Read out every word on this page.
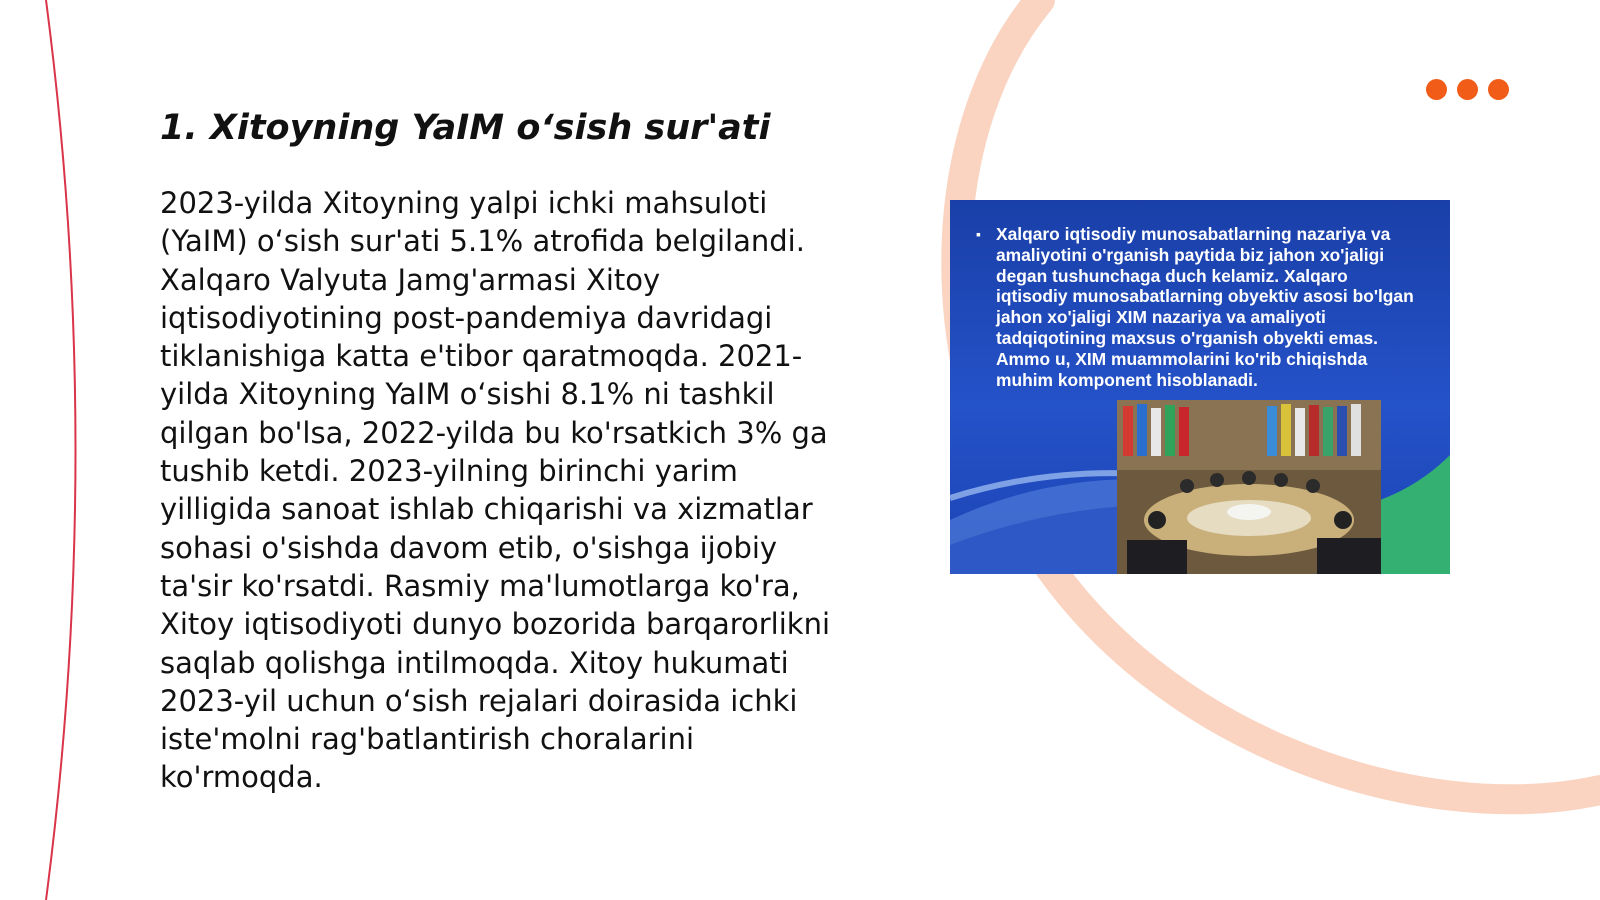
1. Xitoyning YaIM o‘sish sur'ati

2023-yilda Xitoyning yalpi ichki mahsuloti (YaIM) o‘sish sur'ati 5.1% atrofida belgilandi. Xalqaro Valyuta Jamg'armasi Xitoy iqtisodiyotining post-pandemiya davridagi tiklanishiga katta e'tibor qaratmoqda. 2021-yilda Xitoyning YaIM o‘sishi 8.1% ni tashkil qilgan bo'lsa, 2022-yilda bu ko'rsatkich 3% ga tushib ketdi. 2023-yilning birinchi yarim yilligida sanoat ishlab chiqarishi va xizmatlar sohasi o'sishda davom etib, o'sishga ijobiy ta'sir ko'rsatdi. Rasmiy ma'lumotlarga ko'ra, Xitoy iqtisodiyoti dunyo bozorida barqarorlikni saqlab qolishga intilmoqda. Xitoy hukumati 2023-yil uchun o‘sish rejalari doirasida ichki iste'molni rag'batlantirish choralarini ko'rmoqda.

▪ Xalqaro iqtisodiy munosabatlarning nazariya va amaliyotini o'rganish paytida biz jahon xo'jaligi degan tushunchaga duch kelamiz. Xalqaro iqtisodiy munosabatlarning obyektiv asosi bo'lgan jahon xo'jaligi XIM nazariya va amaliyoti tadqiqotining maxsus o'rganish obyekti emas. Ammo u, XIM muammolarini ko'rib chiqishda muhim komponent hisoblanadi.
